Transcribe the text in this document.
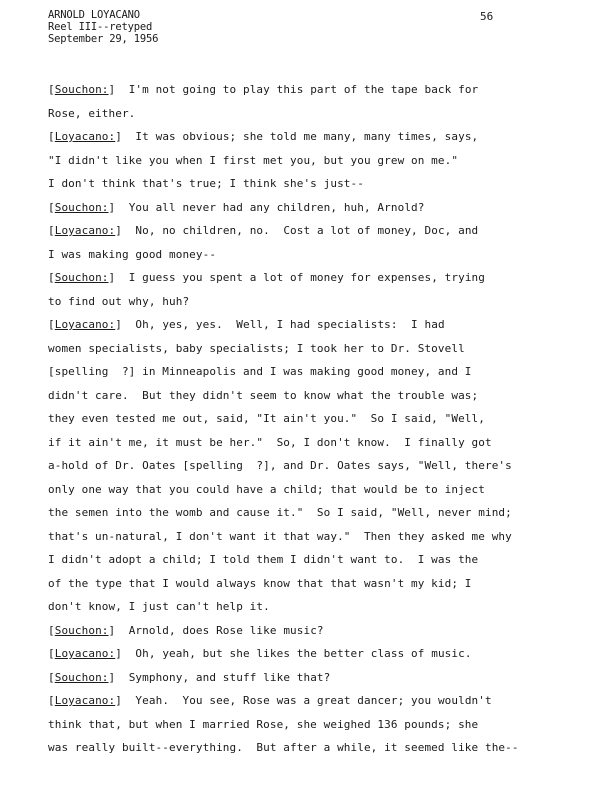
ARNOLD LOYACANO
Reel III--retyped
September 29, 1956
56
[Souchon:]  I'm not going to play this part of the tape back for
Rose, either.
[Loyacano:]  It was obvious; she told me many, many times, says,
"I didn't like you when I first met you, but you grew on me."
I don't think that's true; I think she's just--
[Souchon:]  You all never had any children, huh, Arnold?
[Loyacano:]  No, no children, no.  Cost a lot of money, Doc, and
I was making good money--
[Souchon:]  I guess you spent a lot of money for expenses, trying
to find out why, huh?
[Loyacano:]  Oh, yes, yes.  Well, I had specialists:  I had
women specialists, baby specialists; I took her to Dr. Stovell
[spelling  ?] in Minneapolis and I was making good money, and I
didn't care.  But they didn't seem to know what the trouble was;
they even tested me out, said, "It ain't you."  So I said, "Well,
if it ain't me, it must be her."  So, I don't know.  I finally got
a-hold of Dr. Oates [spelling  ?], and Dr. Oates says, "Well, there's
only one way that you could have a child; that would be to inject
the semen into the womb and cause it."  So I said, "Well, never mind;
that's un-natural, I don't want it that way."  Then they asked me why
I didn't adopt a child; I told them I didn't want to.  I was the
of the type that I would always know that that wasn't my kid; I
don't know, I just can't help it.
[Souchon:]  Arnold, does Rose like music?
[Loyacano:]  Oh, yeah, but she likes the better class of music.
[Souchon:]  Symphony, and stuff like that?
[Loyacano:]  Yeah.  You see, Rose was a great dancer; you wouldn't
think that, but when I married Rose, she weighed 136 pounds; she
was really built--everything.  But after a while, it seemed like the--
